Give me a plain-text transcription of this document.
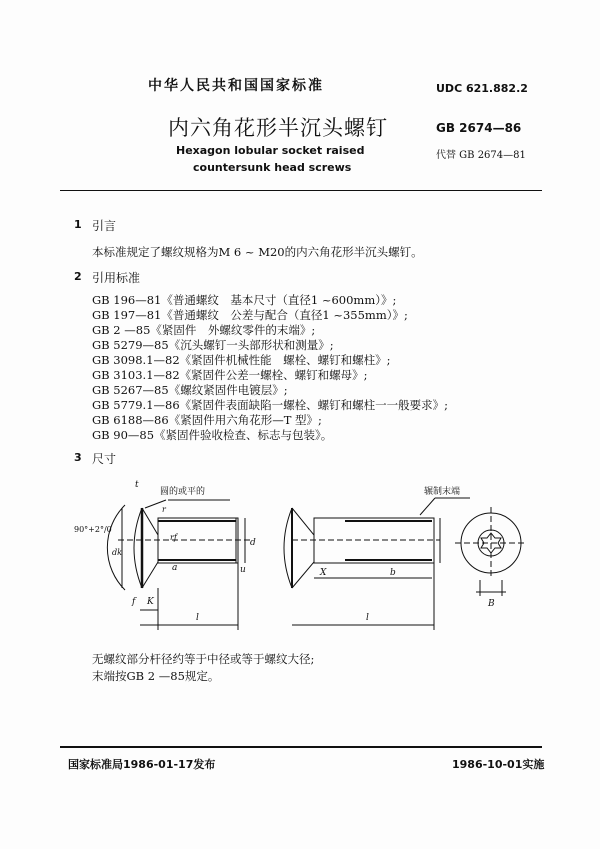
中华人民共和国国家标准	UDC 621.882.2
内六角花形半沉头螺钉	GB 2674—86
Hexagon lobular socket raised
countersunk head screws
代替 GB 2674—81
1 引言
本标准规定了螺纹规格为M 6 ~ M20的内六角花形半沉头螺钉。
2 引用标准
GB 196—81《普通螺纹　基本尺寸（直径1 ~600mm）》;
GB 197—81《普通螺纹　公差与配合（直径1 ~355mm）》;
GB 2 —85《紧固件　外螺纹零件的末端》;
GB 5279—85《沉头螺钉一头部形状和测量》;
GB 3098.1—82《紧固件机械性能　螺栓、螺钉和螺柱》;
GB 3103.1—82《紧固件公差一螺栓、螺钉和螺母》;
GB 5267—85《螺纹紧固件电镀层》;
GB 5779.1—86《紧固件表面缺陷一螺栓、螺钉和螺柱一一般要求》;
GB 6188—86《紧固件用六角花形—T 型》;
GB 90—85《紧固件验收检查、标志与包装》。
3 尺寸
t
圆的或平的
90°+2°/0
dk
r
rf
d
a	u
l
f K
辗制末端
X	b
l
B
无螺纹部分杆径约等于中径或等于螺纹大径;
末端按GB 2 —85规定。
国家标准局1986-01-17发布	1986-10-01实施
